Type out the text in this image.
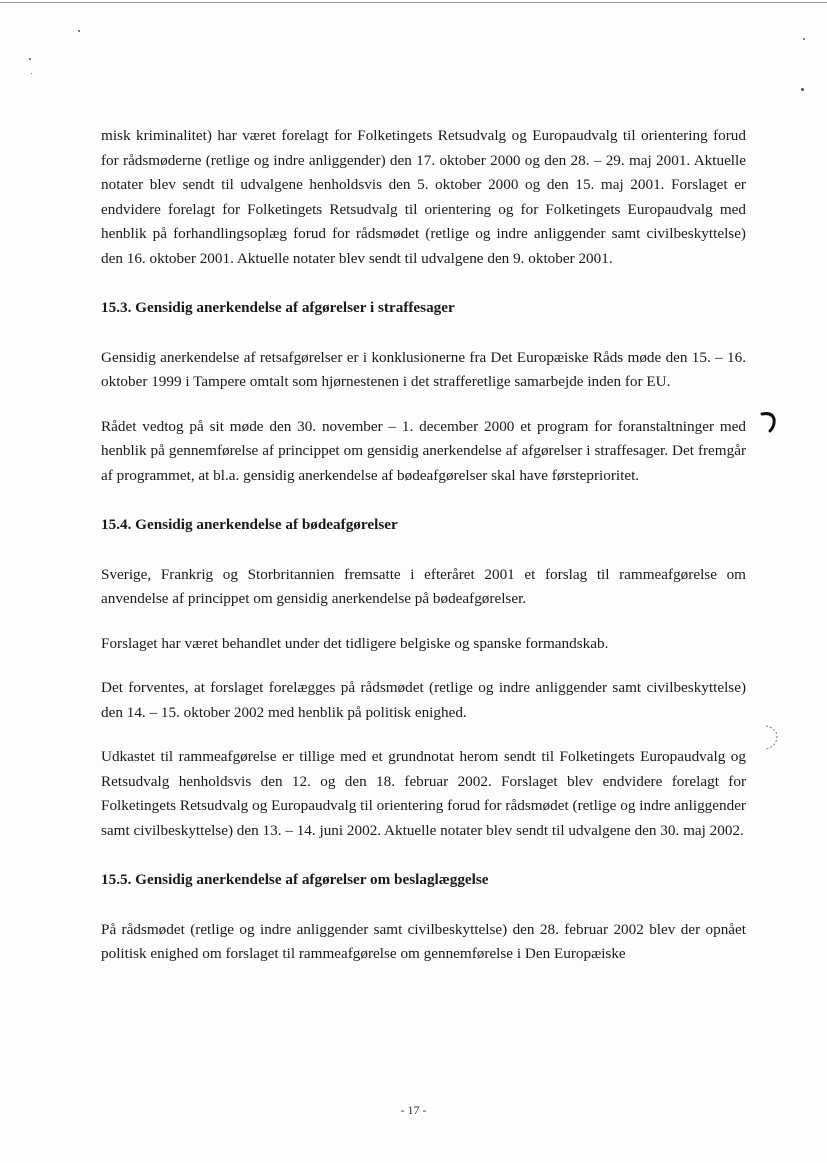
misk kriminalitet) har været forelagt for Folketingets Retsudvalg og Europaudvalg til orientering forud for rådsmøderne (retlige og indre anliggender) den 17. oktober 2000 og den 28. – 29. maj 2001. Aktuelle notater blev sendt til udvalgene henholdsvis den 5. oktober 2000 og den 15. maj 2001. Forslaget er endvidere forelagt for Folketingets Retsudvalg til orientering og for Folketingets Europaudvalg med henblik på forhandlingsoplæg forud for rådsmødet (retlige og indre anliggender samt civilbeskyttelse) den 16. oktober 2001. Aktuelle notater blev sendt til udvalgene den 9. oktober 2001.

15.3. Gensidig anerkendelse af afgørelser i straffesager

Gensidig anerkendelse af retsafgørelser er i konklusionerne fra Det Europæiske Råds møde den 15. – 16. oktober 1999 i Tampere omtalt som hjørnestenen i det strafferetlige samarbejde inden for EU.

Rådet vedtog på sit møde den 30. november – 1. december 2000 et program for foranstaltninger med henblik på gennemførelse af princippet om gensidig anerkendelse af afgørelser i straffesager. Det fremgår af programmet, at bl.a. gensidig anerkendelse af bødeafgørelser skal have førsteprioritet.

15.4. Gensidig anerkendelse af bødeafgørelser

Sverige, Frankrig og Storbritannien fremsatte i efteråret 2001 et forslag til rammeafgørelse om anvendelse af princippet om gensidig anerkendelse på bødeafgørelser.

Forslaget har været behandlet under det tidligere belgiske og spanske formandskab.

Det forventes, at forslaget forelægges på rådsmødet (retlige og indre anliggender samt civilbeskyttelse) den 14. – 15. oktober 2002 med henblik på politisk enighed.

Udkastet til rammeafgørelse er tillige med et grundnotat herom sendt til Folketingets Europaudvalg og Retsudvalg henholdsvis den 12. og den 18. februar 2002. Forslaget blev endvidere forelagt for Folketingets Retsudvalg og Europaudvalg til orientering forud for rådsmødet (retlige og indre anliggender samt civilbeskyttelse) den 13. – 14. juni 2002. Aktuelle notater blev sendt til udvalgene den 30. maj 2002.

15.5. Gensidig anerkendelse af afgørelser om beslaglæggelse

På rådsmødet (retlige og indre anliggender samt civilbeskyttelse) den 28. februar 2002 blev der opnået politisk enighed om forslaget til rammeafgørelse om gennemførelse i Den Europæiske

- 17 -
